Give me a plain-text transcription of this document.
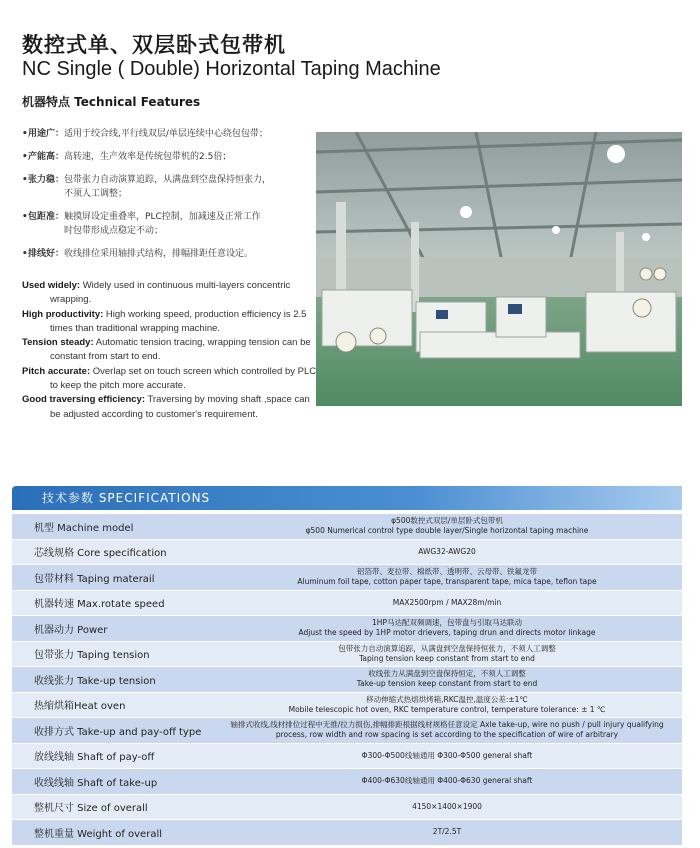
数控式单、双层卧式包带机
NC Single ( Double) Horizontal Taping Machine
机器特点 Technical Features
• 用途广： 适用于绞合线,平行线双层/单层连续中心绕包包带；
• 产能高： 高转速，生产效率是传统包带机的2.5倍；
• 张力稳： 包带张力自动演算追踪，从满盘到空盘保持恒张力，
不须人工调整；
• 包距准： 触摸屏设定重叠率，PLC控制，加减速及正常工作
时包带形成点稳定不动；
• 排线好： 收线排位采用轴排式结构，排幅排距任意设定。
Used widely: Widely used in continuous multi-layers concentric wrapping.
High productivity: High working speed, production efficiency is 2.5 times than traditional wrapping machine.
Tension steady: Automatic tension tracing, wrapping tension can be constant from start to end.
Pitch accurate: Overlap set on touch screen which controlled by PLC to keep the pitch more accurate.
Good traversing efficiency: Traversing by moving shaft ,space can be adjusted according to customer's requirement.
技术参数 SPECIFICATIONS
机型 Machine model	φ500数控式双层/单层卧式包带机
φ500 Numerical control type double layer/Single horizontal taping machine

芯线规格 Core specification	AWG32-AWG20

包带材料 Taping materail	铝箔带、麦拉带、棉纸带、透明带、云母带、铁氟龙带
Aluminum foil tape, cotton paper tape, transparent tape, mica tape, teflon tape

机器转速 Max.rotate speed	MAX2500rpm / MAX28m/min

机器动力 Power	1HP马达配双频调速，包带盘与引取马达联动
Adjust the speed by 1HP motor drievers, taping drun and directs motor linkage

包带张力 Taping tension	包带张力自动演算追踪，从满盘到空盘保持恒张力，不须人工调整
Taping tension keep constant from start to end

收线张力 Take-up tension	收线张力从满盘到空盘保持恒定，不须人工调整
Take-up tension keep constant from start to end

热缩烘箱Heat oven	移动伸缩式热熔烘烤箱,RKC温控,温度公差:±1℃
Mobile telescopic hot oven, RKC temperature control, temperature tolerance: ± 1 ℃

收排方式 Take-up and pay-off type	轴排式收线,线材排位过程中无推/拉力损伤,排幅排距根据线材规格任意设定 Axle take-up, wire no push / pull injury qualifying
process, row width and row spacing is set according to the specification of wire of arbitrary

放线线轴 Shaft of pay-off	Φ300-Φ500线轴通用 Φ300-Φ500 general shaft

收线线轴 Shaft of take-up	Φ400-Φ630线轴通用 Φ400-Φ630 general shaft

整机尺寸 Size of overall	4150×1400×1900

整机重量 Weight of overall	2T/2.5T
